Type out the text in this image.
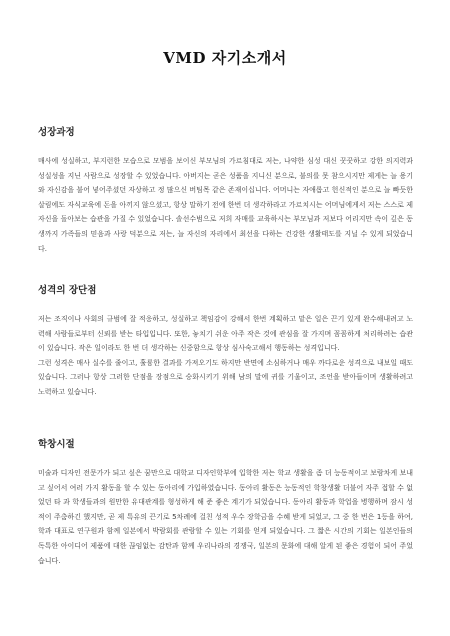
VMD 자기소개서
성장과정

매사에 성실하고, 부지런한 모습으로 모범을 보이신 부모님의 가르침대로 저는, 나약한 심성 대신 꿋꿋하고 강한 의지력과 성실성을 지닌 사람으로 성장할 수 있었습니다. 아버지는 곧은 성품을 지니신 분으로, 불의를 못 참으시지만 제게는 늘 용기와 자신감을 불어 넣어주셨던 자상하고 정 많으신 버팀목 같은 존재이십니다. 어머니는 자애롭고 헌신적인 분으로 늘 빠듯한 살림에도 자식교육에 돈을 아끼지 않으셨고, 항상 말하기 전에 한번 더 생각하라고 가르치시는 어머님에게서 저는 스스로 제 자신을 돌아보는 습관을 가질 수 있었습니다. 솔선수범으로 저희 자매를 교육하시는 부모님과 저보다 어리지만 속이 깊은 동생까지 가족들의 믿음과 사랑 덕분으로 저는, 늘 자신의 자리에서 최선을 다하는 건강한 생활태도를 지닐 수 있게 되었습니다.

성격의 장단점

저는 조직이나 사회의 규범에 잘 적응하고, 성실하고 책임감이 강해서 한번 계획하고 맡은 일은 끈기 있게 완수해내려고 노력해 사람들로부터 신뢰를 받는 타입입니다. 또한, 놓치기 쉬운 아주 작은 것에 관심을 잘 가지며 꼼꼼하게 처리하려는 습관이 있습니다. 작은 일이라도 한 번 더 생각하는 신중함으로 항상 심사숙고해서 행동하는 성격입니다.

그런 성격은 매사 실수를 줄이고, 훌륭한 결과를 가져오기도 하지만 반면에 소심하거나 매우 까다로운 성격으로 내보일 때도 있습니다. 그러나 항상 그러한 단점을 장점으로 승화시키기 위해 남의 말에 귀를 기울이고, 조언을 받아들이며 생활하려고 노력하고 있습니다.

학창시절

미술과 디자인 전문가가 되고 싶은 꿈만으로 대학교 디자인학부에 입학한 저는 학교 생활을 좀 더 능동적이고 보람차게 보내고 싶어서 여러 가지 활동을 할 수 있는 동아리에 가입하였습니다. 동아리 활동은 능동적인 학창생활 더불어 자주 접할 수 없었던 타 과 학생들과의 원만한 유대관계를 형성하게 해 준 좋은 계기가 되었습니다. 동아리 활동과 학업을 병행하며 잠시 성적이 주춤하긴 했지만, 곧 제 특유의 끈기로 5차례에 걸친 성적 우수 장학금을 수혜 받게 되었고, 그 중 한 번은 1등을 하여, 학과 대표로 연구원과 함께 일본에서 박람회를 관람할 수 있는 기회를 얻게 되었습니다. 그 짧은 시간의 기회는 일본인들의 독특한 아이디어 제품에 대한 끊임없는 감탄과 함께 우리나라의 경쟁국, 일본의 문화에 대해 알게 된 좋은 경험이 되어 주었습니다.
